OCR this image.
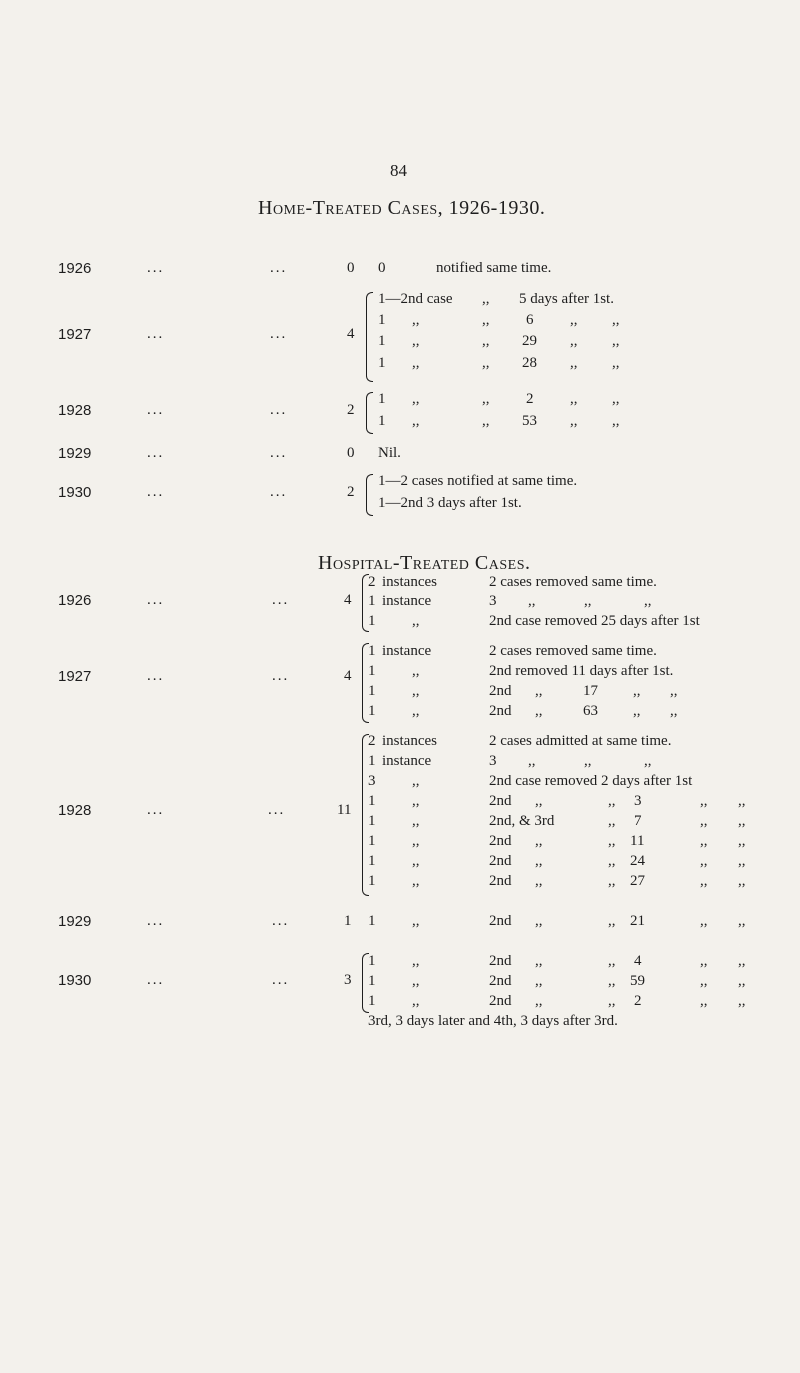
84
Home-Treated Cases, 1926-1930.
1926	...	...	0 0	notified same time.
1927	...	...	4
1—2nd case ,, 5 days after 1st.
1 ,,	,, 6 ,, ,,
1 ,,	,, 29 ,, ,,
1 ,,	,, 28 ,, ,,
1928	...	...	2
1 ,,	,, 2 ,, ,,
1 ,,	,, 53 ,, ,,
1929	...	...	0 Nil.
1930	...	...	2
1—2 cases notified at same time.
1—2nd 3 days after 1st.
Hospital-Treated Cases.
1926	...	...	4
2 instances	2 cases removed same time.
1 instance	3 ,,	,,	,,
1 ,,	2nd case removed 25 days after 1st
1927	...	...	4
1 instance	2 cases removed same time.
1 ,,	2nd removed 11 days after 1st.
1 ,,	2nd ,,	17 ,, ,,
1 ,,	2nd ,,	63 ,, ,,
1928	...	...	11
2 instances	2 cases admitted at same time.
1 instance	3 ,,	,,	,,
3 ,,	2nd case removed 2 days after 1st
1 ,,	2nd ,,	,, 3	,, ,,
1 ,,	2nd, & 3rd	,, 7	,, ,,
1 ,,	2nd ,,	,, 11	,, ,,
1 ,,	2nd ,,	,, 24	,, ,,
1 ,,	2nd ,,	,, 27	,, ,,
1929	...	...	1 1 ,,	2nd ,,	,, 21	,, ,,
1930	...	...	3
1 ,,	2nd ,,	,, 4	,, ,,
1 ,,	2nd ,,	,, 59	,, ,,
1 ,,	2nd ,,	,, 2	,, ,,
3rd, 3 days later and 4th, 3 days after 3rd.
